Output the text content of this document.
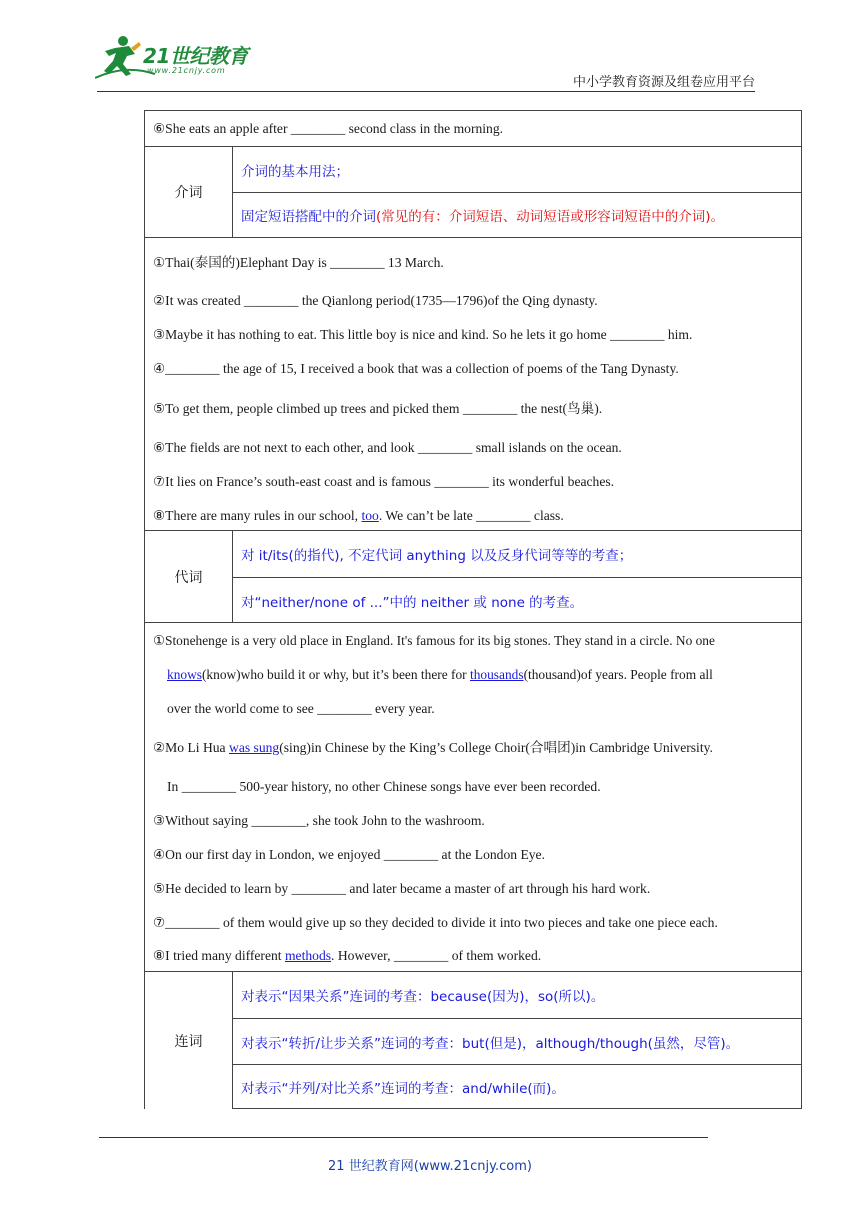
21世纪教育
www.21cnjy.com
中小学教育资源及组卷应用平台
⑥She eats an apple after ________ second class in the morning.
介词
介词的基本用法；
固定短语搭配中的介词 (常见的有：介词短语、动词短语或形容词短语中的介词)。
①Thai(泰国的)Elephant Day is ________ 13 March.
②It was created ________ the Qianlong period(1735—1796)of the Qing dynasty.
③Maybe it has nothing to eat. This little boy is nice and kind. So he lets it go home ________ him.
④________ the age of 15, I received a book that was a collection of poems of the Tang Dynasty.
⑤To get them, people climbed up trees and picked them ________ the nest(鸟巢).
⑥The fields are not next to each other, and look ________ small islands on the ocean.
⑦It lies on France’s south-east coast and is famous ________ its wonderful beaches.
⑧There are many rules in our school, too. We can’t be late ________ class.
代词
对 it/its(的指代), 不定代词 anything 以及反身代词等等的考查；
对“neither/none of ...”中的 neither 或 none 的考查。
①Stonehenge is a very old place in England. It's famous for its big stones. They stand in a circle. No one
knows(know)who build it or why, but it’s been there for thousands(thousand)of years. People from all
over the world come to see ________ every year.
②Mo Li Hua was sung(sing)in Chinese by the King’s College Choir(合唱团)in Cambridge University.
In ________ 500-year history, no other Chinese songs have ever been recorded.
③Without saying ________, she took John to the washroom.
④On our first day in London, we enjoyed ________ at the London Eye.
⑤He decided to learn by ________ and later became a master of art through his hard work.
⑦________ of them would give up so they decided to divide it into two pieces and take one piece each.
⑧I tried many different methods. However, ________ of them worked.
连词
对表示“因果关系”连词的考查：because(因为)，so(所以)。
对表示“转折/让步关系”连词的考查：but(但是)，although/though(虽然，尽管)。
对表示“并列/对比关系”连词的考查：and/while(而)。
21 世纪教育网(www.21cnjy.com)
